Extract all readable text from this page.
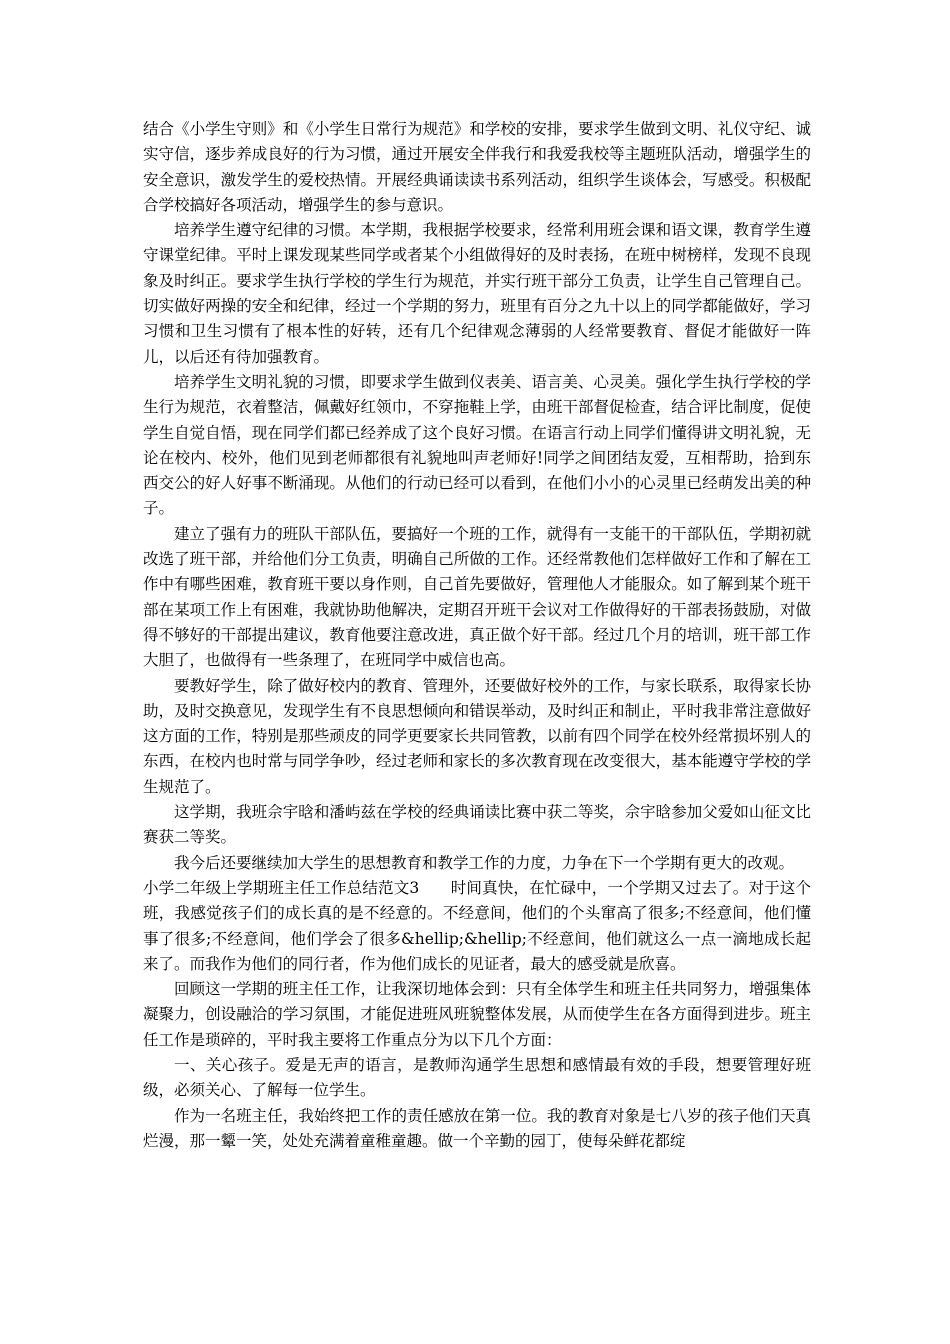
结合《小学生守则》和《小学生日常行为规范》和学校的安排，要求学生做到文明、礼仪守纪、诚实守信，逐步养成良好的行为习惯，通过开展安全伴我行和我爱我校等主题班队活动，增强学生的安全意识，激发学生的爱校热情。开展经典诵读读书系列活动，组织学生谈体会，写感受。积极配合学校搞好各项活动，增强学生的参与意识。

培养学生遵守纪律的习惯。本学期，我根据学校要求，经常利用班会课和语文课，教育学生遵守课堂纪律。平时上课发现某些同学或者某个小组做得好的及时表扬，在班中树榜样，发现不良现象及时纠正。要求学生执行学校的学生行为规范，并实行班干部分工负责，让学生自己管理自己。切实做好两操的安全和纪律，经过一个学期的努力，班里有百分之九十以上的同学都能做好，学习习惯和卫生习惯有了根本性的好转，还有几个纪律观念薄弱的人经常要教育、督促才能做好一阵儿，以后还有待加强教育。

培养学生文明礼貌的习惯，即要求学生做到仪表美、语言美、心灵美。强化学生执行学校的学生行为规范，衣着整洁，佩戴好红领巾，不穿拖鞋上学，由班干部督促检查，结合评比制度，促使学生自觉自悟，现在同学们都已经养成了这个良好习惯。在语言行动上同学们懂得讲文明礼貌，无论在校内、校外，他们见到老师都很有礼貌地叫声老师好!同学之间团结友爱，互相帮助，拾到东西交公的好人好事不断涌现。从他们的行动已经可以看到，在他们小小的心灵里已经萌发出美的种子。

建立了强有力的班队干部队伍，要搞好一个班的工作，就得有一支能干的干部队伍，学期初就改选了班干部，并给他们分工负责，明确自己所做的工作。还经常教他们怎样做好工作和了解在工作中有哪些困难，教育班干要以身作则，自己首先要做好，管理他人才能服众。如了解到某个班干部在某项工作上有困难，我就协助他解决，定期召开班干会议对工作做得好的干部表扬鼓励，对做得不够好的干部提出建议，教育他要注意改进，真正做个好干部。经过几个月的培训，班干部工作大胆了，也做得有一些条理了，在班同学中威信也高。

要教好学生，除了做好校内的教育、管理外，还要做好校外的工作，与家长联系，取得家长协助，及时交换意见，发现学生有不良思想倾向和错误举动，及时纠正和制止，平时我非常注意做好这方面的工作，特别是那些顽皮的同学更要家长共同管教，以前有四个同学在校外经常损坏别人的东西，在校内也时常与同学争吵，经过老师和家长的多次教育现在改变很大，基本能遵守学校的学生规范了。

这学期，我班佘宇晗和潘屿兹在学校的经典诵读比赛中获二等奖，佘宇晗参加父爱如山征文比赛获二等奖。

我今后还要继续加大学生的思想教育和教学工作的力度，力争在下一个学期有更大的改观。

小学二年级上学期班主任工作总结范文3　　时间真快，在忙碌中，一个学期又过去了。对于这个班，我感觉孩子们的成长真的是不经意的。不经意间，他们的个头窜高了很多;不经意间，他们懂事了很多;不经意间，他们学会了很多&hellip;&hellip;不经意间，他们就这么一点一滴地成长起来了。而我作为他们的同行者，作为他们成长的见证者，最大的感受就是欣喜。

回顾这一学期的班主任工作，让我深切地体会到：只有全体学生和班主任共同努力，增强集体凝聚力，创设融洽的学习氛围，才能促进班风班貌整体发展，从而使学生在各方面得到进步。班主任工作是琐碎的，平时我主要将工作重点分为以下几个方面：

一、关心孩子。爱是无声的语言，是教师沟通学生思想和感情最有效的手段，想要管理好班级，必须关心、了解每一位学生。

作为一名班主任，我始终把工作的责任感放在第一位。我的教育对象是七八岁的孩子他们天真烂漫，那一颦一笑，处处充满着童稚童趣。做一个辛勤的园丁，使每朵鲜花都绽
